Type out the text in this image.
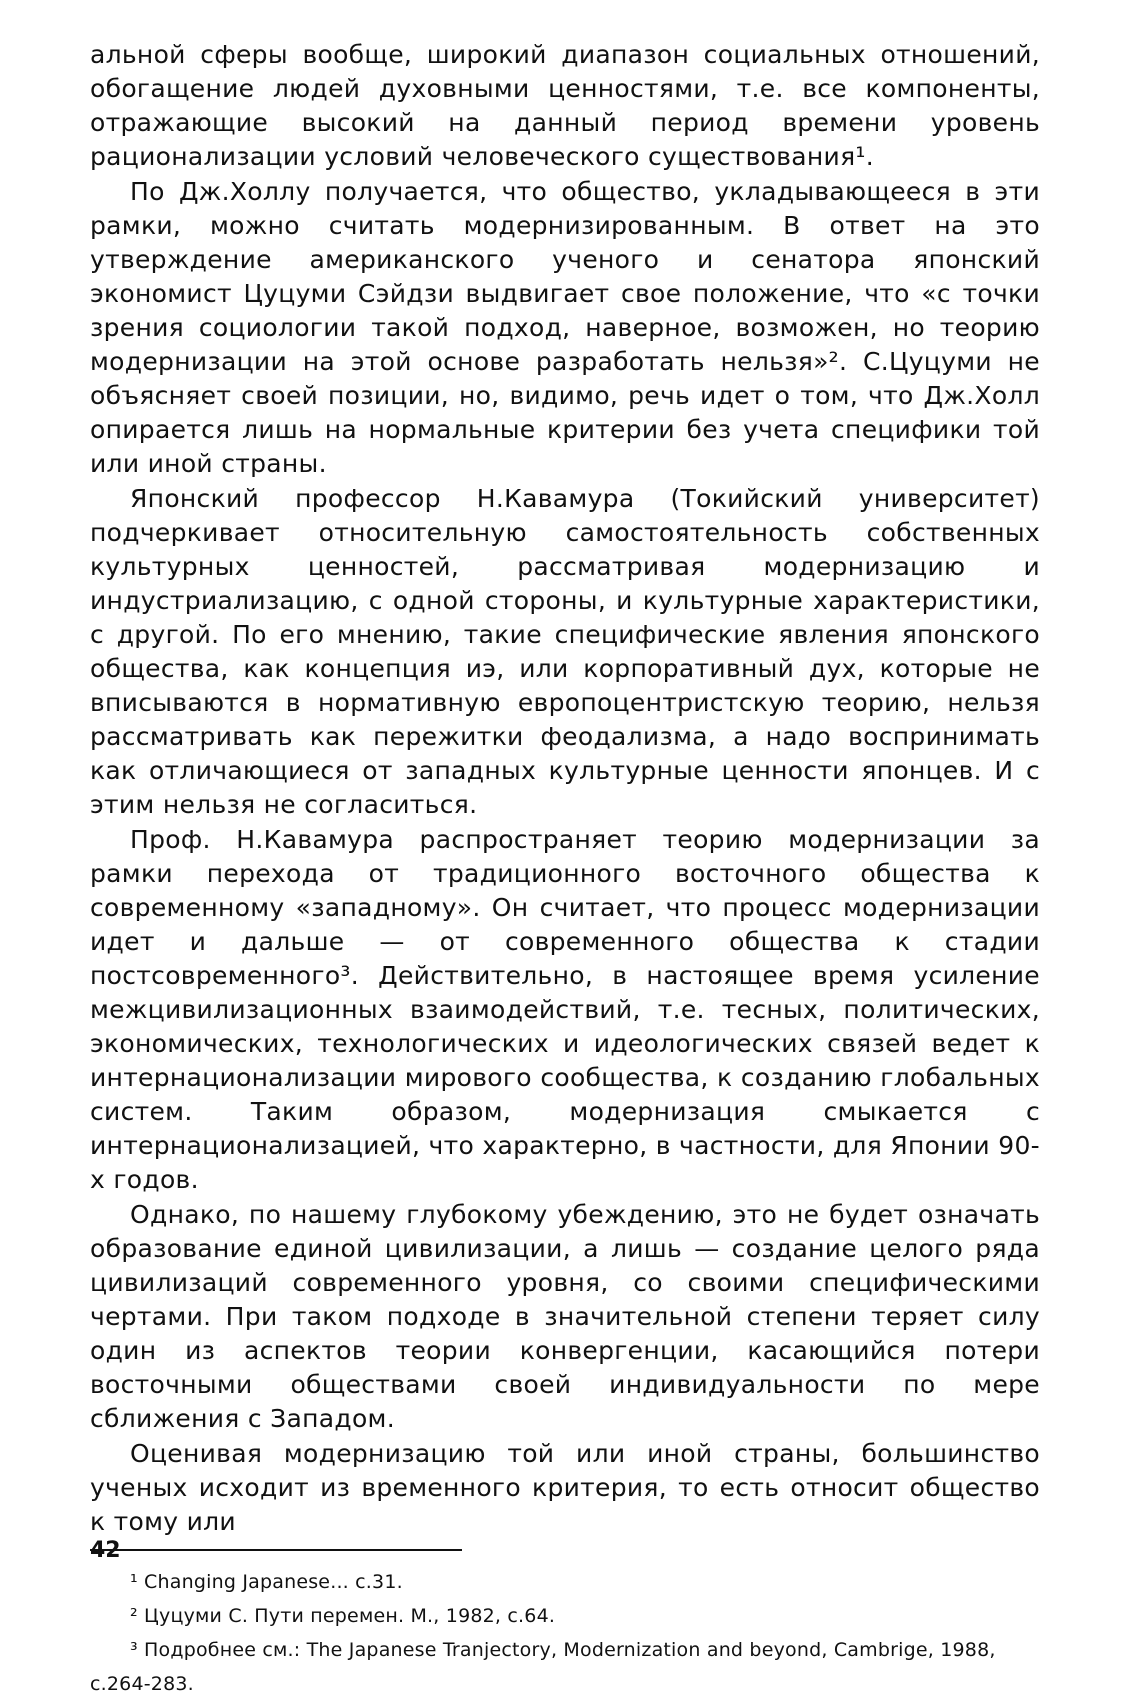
альной сферы вообще, широкий диапазон социальных отношений, обогащение людей духовными ценностями, т.е. все компоненты, отражающие высокий на данный период времени уровень рационализации условий человеческого существования¹.

По Дж.Холлу получается, что общество, укладывающееся в эти рамки, можно считать модернизированным. В ответ на это утверждение американского ученого и сенатора японский экономист Цуцуми Сэйдзи выдвигает свое положение, что «с точки зрения социологии такой подход, наверное, возможен, но теорию модернизации на этой основе разработать нельзя»². С.Цуцуми не объясняет своей позиции, но, видимо, речь идет о том, что Дж.Холл опирается лишь на нормальные критерии без учета специфики той или иной страны.

Японский профессор Н.Кавамура (Токийский университет) подчеркивает относительную самостоятельность собственных культурных ценностей, рассматривая модернизацию и индустриализацию, с одной стороны, и культурные характеристики, с другой. По его мнению, такие специфические явления японского общества, как концепция иэ, или корпоративный дух, которые не вписываются в нормативную европоцентристскую теорию, нельзя рассматривать как пережитки феодализма, а надо воспринимать как отличающиеся от западных культурные ценности японцев. И с этим нельзя не согласиться.

Проф. Н.Кавамура распространяет теорию модернизации за рамки перехода от традиционного восточного общества к современному «западному». Он считает, что процесс модернизации идет и дальше — от современного общества к стадии постсовременного³. Действительно, в настоящее время усиление межцивилизационных взаимодействий, т.е. тесных, политических, экономических, технологических и идеологических связей ведет к интернационализации мирового сообщества, к созданию глобальных систем. Таким образом, модернизация смыкается с интернационализацией, что характерно, в частности, для Японии 90-х годов.

Однако, по нашему глубокому убеждению, это не будет означать образование единой цивилизации, а лишь — создание целого ряда цивилизаций современного уровня, со своими специфическими чертами. При таком подходе в значительной степени теряет силу один из аспектов теории конвергенции, касающийся потери восточными обществами своей индивидуальности по мере сближения с Западом.

Оценивая модернизацию той или иной страны, большинство ученых исходит из временного критерия, то есть относит общество к тому или

¹ Changing Japanese... с.31.

² Цуцуми С. Пути перемен. М., 1982, с.64.

³ Подробнее см.: The Japanese Tranjectory, Modernization and beyond, Cambrige, 1988, с.264-283.

42
